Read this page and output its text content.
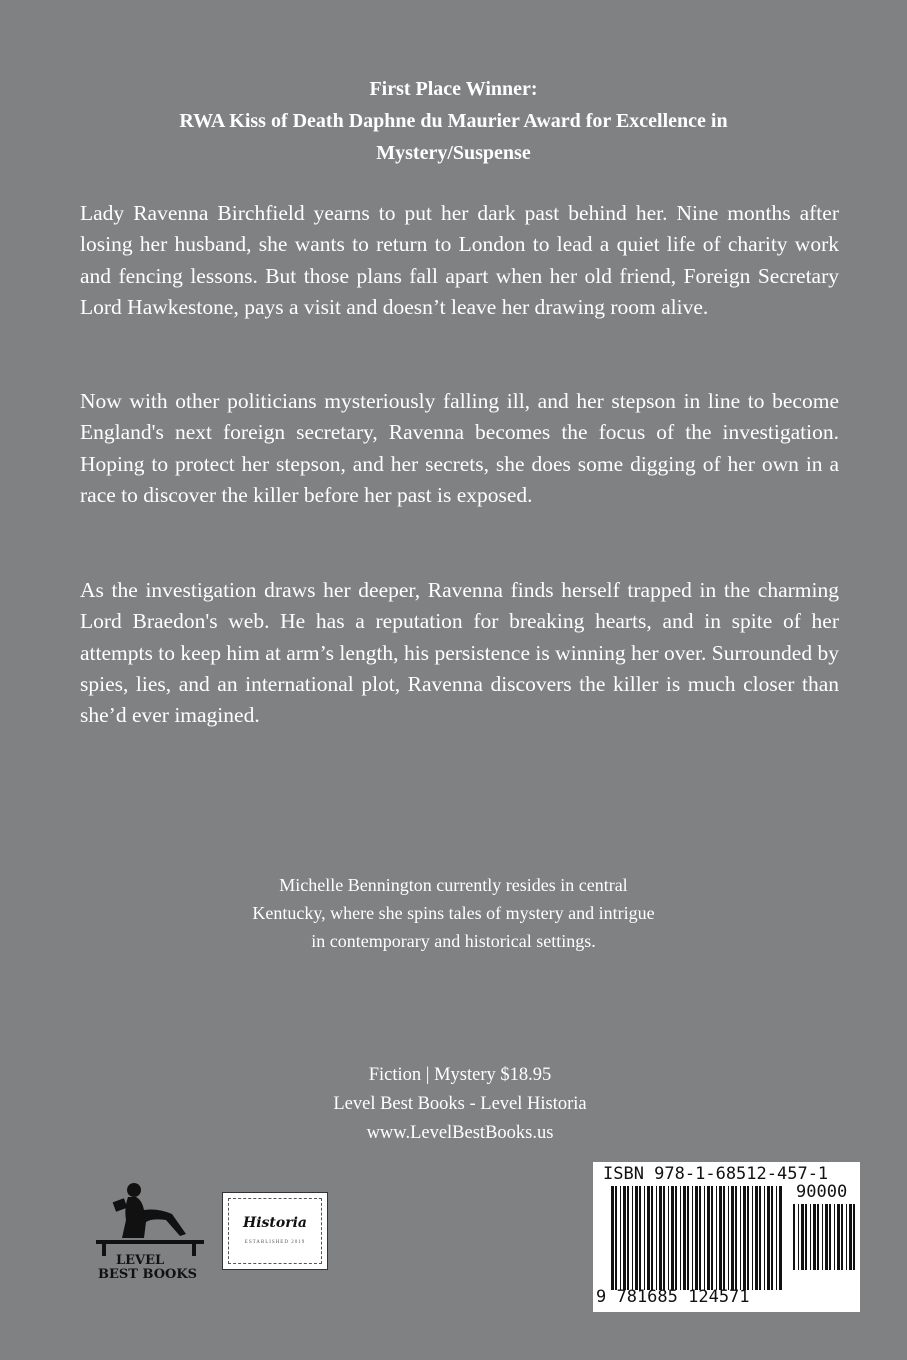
First Place Winner:
RWA Kiss of Death Daphne du Maurier Award for Excellence in
Mystery/Suspense

Lady Ravenna Birchfield yearns to put her dark past behind her. Nine months after losing her husband, she wants to return to London to lead a quiet life of charity work and fencing lessons. But those plans fall apart when her old friend, Foreign Secretary Lord Hawkestone, pays a visit and doesn’t leave her drawing room alive.

Now with other politicians mysteriously falling ill, and her stepson in line to become England's next foreign secretary, Ravenna becomes the focus of the investigation. Hoping to protect her stepson, and her secrets, she does some digging of her own in a race to discover the killer before her past is exposed.

As the investigation draws her deeper, Ravenna finds herself trapped in the charming Lord Braedon's web. He has a reputation for breaking hearts, and in spite of her attempts to keep him at arm’s length, his persistence is winning her over. Surrounded by spies, lies, and an international plot, Ravenna discovers the killer is much closer than she’d ever imagined.

Michelle Bennington currently resides in central
Kentucky, where she spins tales of mystery and intrigue
in contemporary and historical settings.
Fiction | Mystery $18.95
Level Best Books - Level Historia
www.LevelBestBooks.us
LEVEL
BEST BOOKS
Historia
ESTABLISHED 2019
ISBN 978-1-68512-457-1
90000
9 781685 124571
